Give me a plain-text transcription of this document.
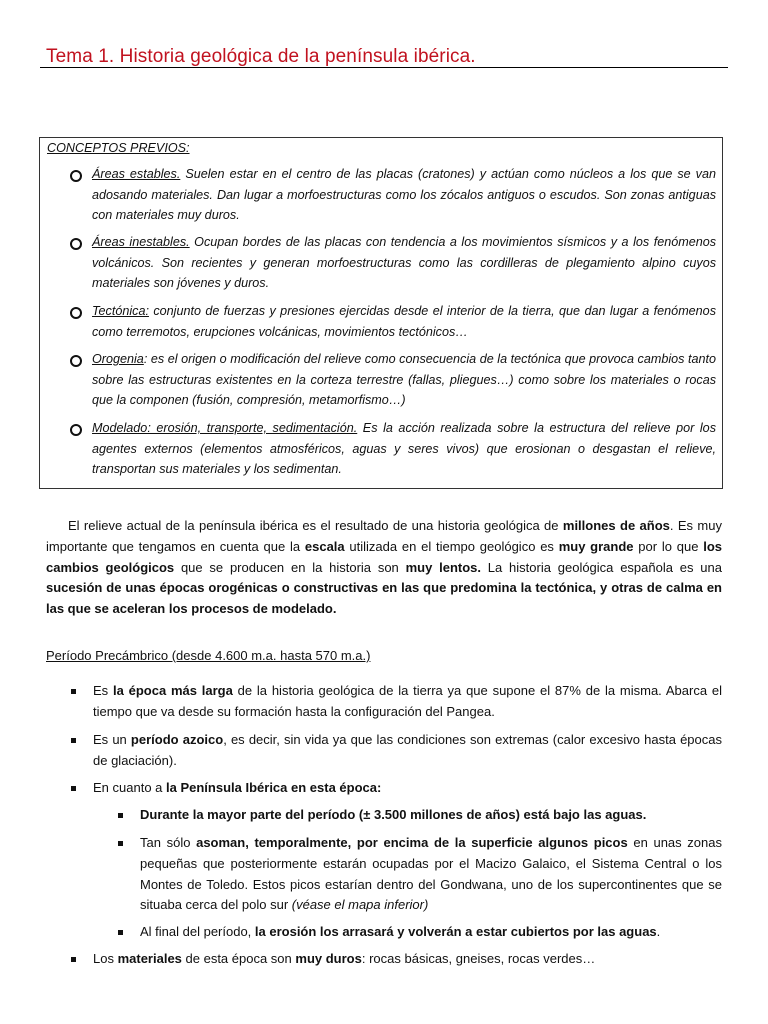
Tema 1. Historia geológica de la península ibérica.
CONCEPTOS PREVIOS:
Áreas estables. Suelen estar en el centro de las placas (cratones) y actúan como núcleos a los que se van adosando materiales. Dan lugar a morfoestructuras como los zócalos antiguos o escudos. Son zonas antiguas con materiales muy duros.
Áreas inestables. Ocupan bordes de las placas con tendencia a los movimientos sísmicos y a los fenómenos volcánicos. Son recientes y generan morfoestructuras como las cordilleras de plegamiento alpino cuyos materiales son jóvenes y duros.
Tectónica: conjunto de fuerzas y presiones ejercidas desde el interior de la tierra, que dan lugar a fenómenos como terremotos, erupciones volcánicas, movimientos tectónicos…
Orogenia: es el origen o modificación del relieve como consecuencia de la tectónica que provoca cambios tanto sobre las estructuras existentes en la corteza terrestre (fallas, pliegues…) como sobre los materiales o rocas que la componen (fusión, compresión, metamorfismo…)
Modelado: erosión, transporte, sedimentación. Es la acción realizada sobre la estructura del relieve por los agentes externos (elementos atmosféricos, aguas y seres vivos) que erosionan o desgastan el relieve, transportan sus materiales y los sedimentan.
El relieve actual de la península ibérica es el resultado de una historia geológica de millones de años. Es muy importante que tengamos en cuenta que la escala utilizada en el tiempo geológico es muy grande por lo que los cambios geológicos que se producen en la historia son muy lentos. La historia geológica española es una sucesión de unas épocas orogénicas o constructivas en las que predomina la tectónica, y otras de calma en las que se aceleran los procesos de modelado.
Período Precámbrico (desde 4.600 m.a. hasta 570 m.a.)
Es la época más larga de la historia geológica de la tierra ya que supone el 87% de la misma. Abarca el tiempo que va desde su formación hasta la configuración del Pangea.
Es un período azoico, es decir, sin vida ya que las condiciones son extremas (calor excesivo hasta épocas de glaciación).
En cuanto a la Península Ibérica en esta época:
Durante la mayor parte del período (± 3.500 millones de años) está bajo las aguas.
Tan sólo asoman, temporalmente, por encima de la superficie algunos picos en unas zonas pequeñas que posteriormente estarán ocupadas por el Macizo Galaico, el Sistema Central o los Montes de Toledo. Estos picos estarían dentro del Gondwana, uno de los supercontinentes que se situaba cerca del polo sur (véase el mapa inferior)
Al final del período, la erosión los arrasará y volverán a estar cubiertos por las aguas.
Los materiales de esta época son muy duros: rocas básicas, gneises, rocas verdes…
